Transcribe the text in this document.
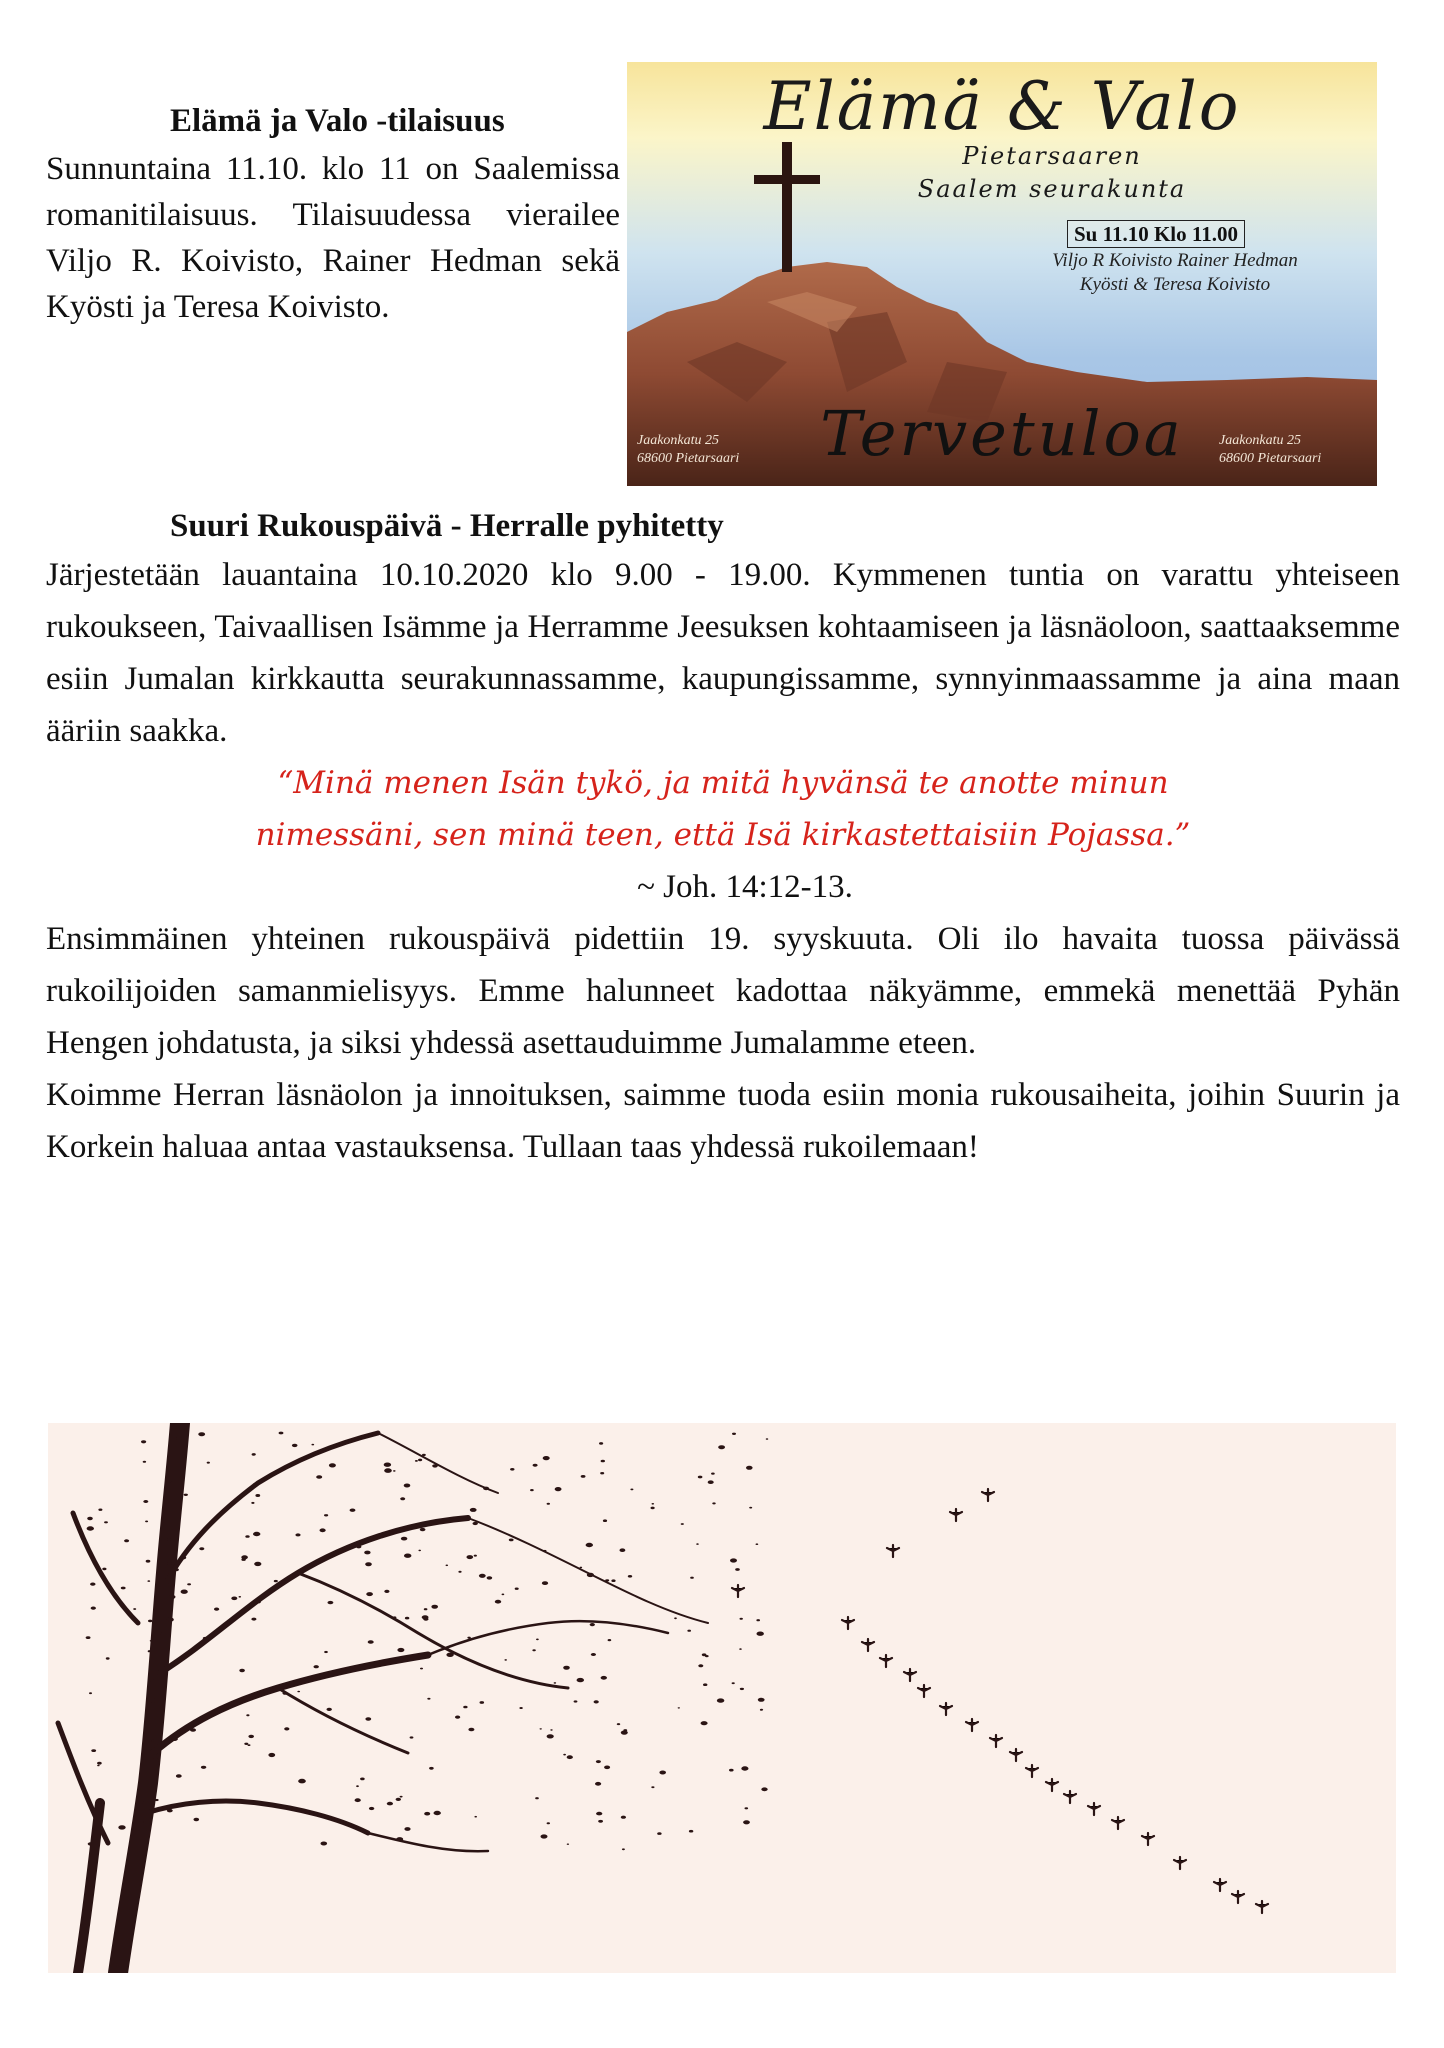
Elämä ja Valo -tilaisuus

Sunnuntaina 11.10. klo 11 on Saalemissa romanitilaisuus. Tilaisuudessa vierailee Viljo R. Koivisto, Rainer Hedman sekä Kyösti ja Teresa Koivisto.

Elämä & Valo
Pietarsaaren
Saalem seurakunta
Su 11.10 Klo 11.00
Viljo R Koivisto Rainer Hedman
Kyösti & Teresa Koivisto
Tervetuloa
Jaakonkatu 25
68600 Pietarsaari
Jaakonkatu 25
68600 Pietarsaari

Suuri Rukouspäivä - Herralle pyhitetty

Järjestetään lauantaina 10.10.2020 klo 9.00 - 19.00. Kymmenen tuntia on varattu yhteiseen rukoukseen, Taivaallisen Isämme ja Herramme Jeesuksen kohtaamiseen ja läsnäoloon, saattaaksemme esiin Jumalan kirkkautta seurakunnassamme, kaupungissamme, synnyinmaassamme ja aina maan ääriin saakka.

“Minä menen Isän tykö, ja mitä hyvänsä te anotte minun

nimessäni, sen minä teen, että Isä kirkastettaisiin Pojassa.”

~ Joh. 14:12-13.

Ensimmäinen yhteinen rukouspäivä pidettiin 19. syyskuuta. Oli ilo havaita tuossa päivässä rukoilijoiden samanmielisyys. Emme halunneet kadottaa näkyämme, emmekä menettää Pyhän Hengen johdatusta, ja siksi yhdessä asettauduimme Jumalamme eteen.

Koimme Herran läsnäolon ja innoituksen, saimme tuoda esiin monia rukousaiheita, joihin Suurin ja Korkein haluaa antaa vastauksensa. Tullaan taas yhdessä rukoilemaan!
